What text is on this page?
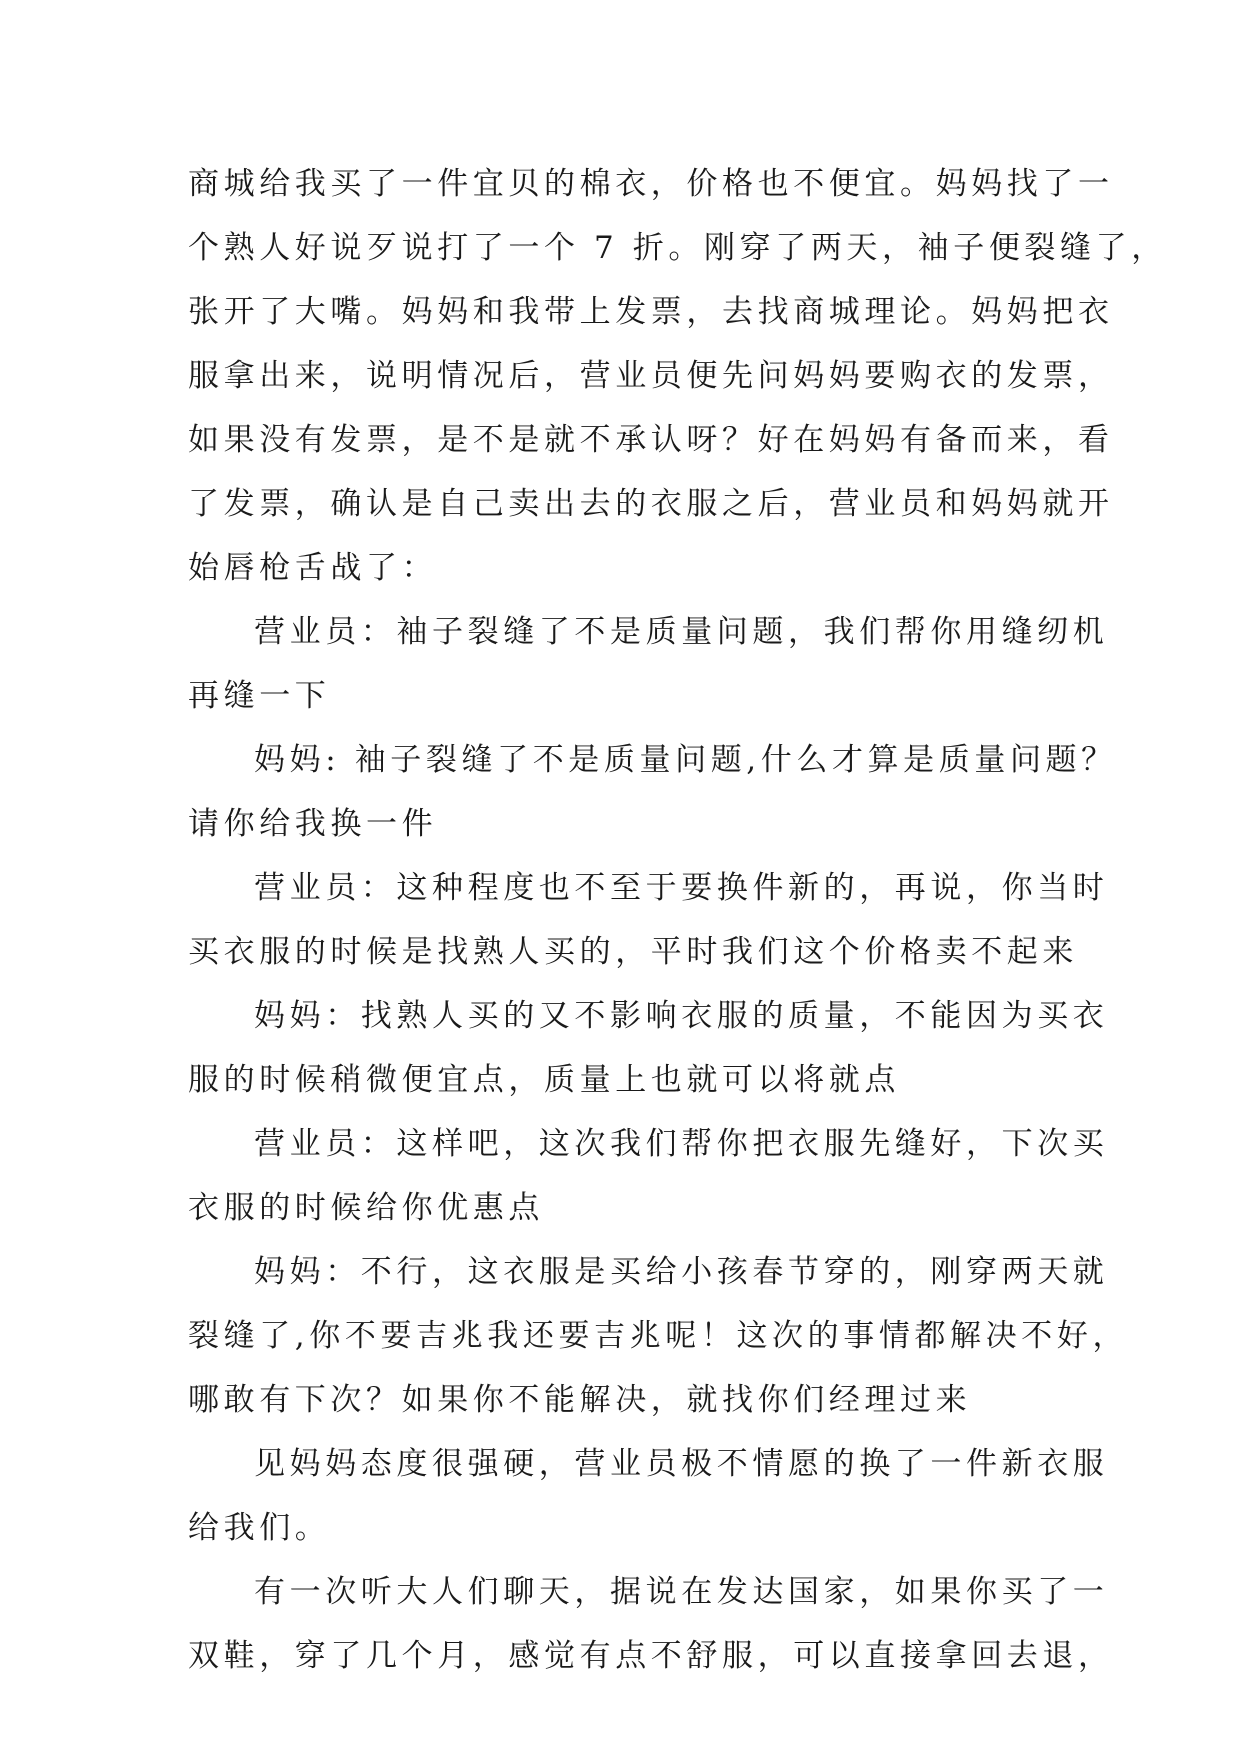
商城给我买了一件宜贝的棉衣，价格也不便宜。妈妈找了一
个熟人好说歹说打了一个 7 折。刚穿了两天，袖子便裂缝了，
张开了大嘴。妈妈和我带上发票，去找商城理论。妈妈把衣
服拿出来，说明情况后，营业员便先问妈妈要购衣的发票，
如果没有发票，是不是就不承认呀？好在妈妈有备而来，看
了发票，确认是自己卖出去的衣服之后，营业员和妈妈就开
始唇枪舌战了：
营业员：袖子裂缝了不是质量问题，我们帮你用缝纫机
再缝一下
妈妈: 袖子裂缝了不是质量问题,什么才算是质量问题？
请你给我换一件
营业员：这种程度也不至于要换件新的，再说，你当时
买衣服的时候是找熟人买的，平时我们这个价格卖不起来
妈妈：找熟人买的又不影响衣服的质量，不能因为买衣
服的时候稍微便宜点，质量上也就可以将就点
营业员：这样吧，这次我们帮你把衣服先缝好，下次买
衣服的时候给你优惠点
妈妈：不行，这衣服是买给小孩春节穿的，刚穿两天就
裂缝了,你不要吉兆我还要吉兆呢！这次的事情都解决不好，
哪敢有下次？如果你不能解决，就找你们经理过来
见妈妈态度很强硬，营业员极不情愿的换了一件新衣服
给我们。
有一次听大人们聊天，据说在发达国家，如果你买了一
双鞋，穿了几个月，感觉有点不舒服，可以直接拿回去退，
